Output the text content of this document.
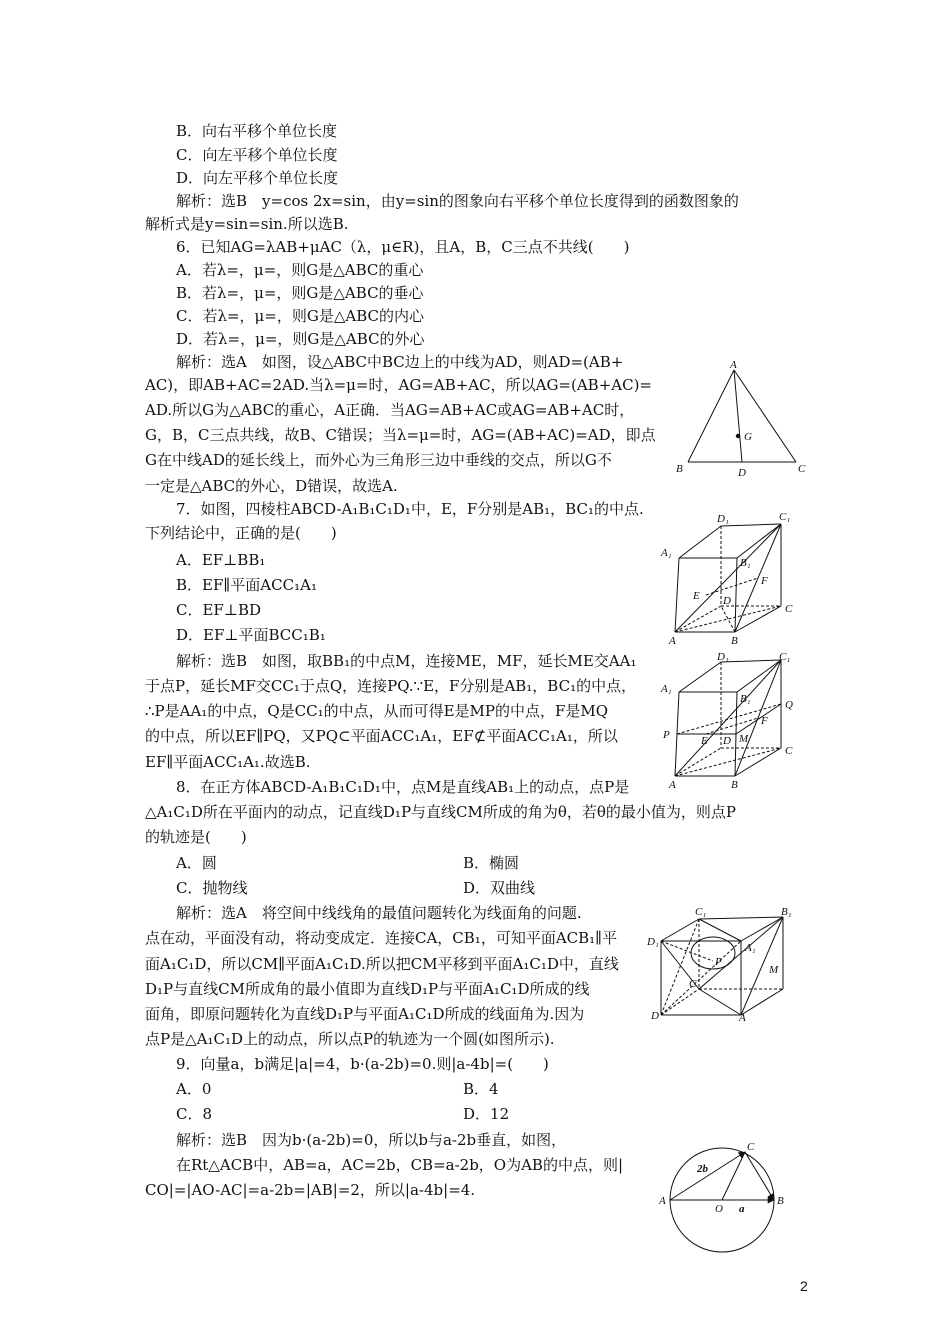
B．向右平移个单位长度
C．向左平移个单位长度
D．向左平移个单位长度
解析：选B　y=cos 2x=sin，由y=sin的图象向右平移个单位长度得到的函数图象的
解析式是y=sin=sin.所以选B.
6．已知AG=λAB+μAC（λ，μ∈R)，且A，B，C三点不共线(　　)
A．若λ=，μ=，则G是△ABC的重心
B．若λ=，μ=，则G是△ABC的垂心
C．若λ=，μ=，则G是△ABC的内心
D．若λ=，μ=，则G是△ABC的外心
解析：选A　如图，设△ABC中BC边上的中线为AD，则AD=(AB+
AC)，即AB+AC=2AD.当λ=μ=时，AG=AB+AC，所以AG=(AB+AC)=
AD.所以G为△ABC的重心，A正确．当AG=AB+AC或AG=AB+AC时，
G，B，C三点共线，故B、C错误；当λ=μ=时，AG=(AB+AC)=AD，即点
G在中线AD的延长线上，而外心为三角形三边中垂线的交点，所以G不
一定是△ABC的外心，D错误，故选A.
7．如图，四棱柱ABCD-A₁B₁C₁D₁中，E，F分别是AB₁，BC₁的中点.
下列结论中，正确的是(　　)
A．EF⊥BB₁
B．EF∥平面ACC₁A₁
C．EF⊥BD
D．EF⊥平面BCC₁B₁
解析：选B　如图，取BB₁的中点M，连接ME，MF，延长ME交AA₁
于点P，延长MF交CC₁于点Q，连接PQ.∵E，F分别是AB₁，BC₁的中点，
∴P是AA₁的中点，Q是CC₁的中点，从而可得E是MP的中点，F是MQ
的中点，所以EF∥PQ，又PQ⊂平面ACC₁A₁，EF⊄平面ACC₁A₁，所以
EF∥平面ACC₁A₁.故选B.
8．在正方体ABCD-A₁B₁C₁D₁中，点M是直线AB₁上的动点，点P是
△A₁C₁D所在平面内的动点，记直线D₁P与直线CM所成的角为θ，若θ的最小值为，则点P
的轨迹是(　　)
A．圆	B．椭圆
C．抛物线	D．双曲线
解析：选A　将空间中线线角的最值问题转化为线面角的问题.
点在动，平面没有动，将动变成定．连接CA，CB₁，可知平面ACB₁∥平
面A₁C₁D，所以CM∥平面A₁C₁D.所以把CM平移到平面A₁C₁D中，直线
D₁P与直线CM所成角的最小值即为直线D₁P与平面A₁C₁D所成的线
面角，即原问题转化为直线D₁P与平面A₁C₁D所成的线面角为.因为
点P是△A₁C₁D上的动点，所以点P的轨迹为一个圆(如图所示).
9．向量a，b满足|a|=4，b·(a-2b)=0.则|a-4b|=(　　)
A．0	B．4
C．8	D．12
解析：选B　因为b·(a-2b)=0，所以b与a-2b垂直，如图，
在Rt△ACB中，AB=a，AC=2b，CB=a-2b，O为AB的中点，则|
CO|=|AO-AC|=a-2b=|AB|=2，所以|a-4b|=4.
A
B	C
D
G
D₁	C₁
A₁
B₁
F
E D
C
A	B
D₁	C₁
A₁
B₁	Q
F
P	E D M
C
A	B
C₁	B₁
D₁	A₁
P
M
C
D	A
A	B
C
O a
2b
2
